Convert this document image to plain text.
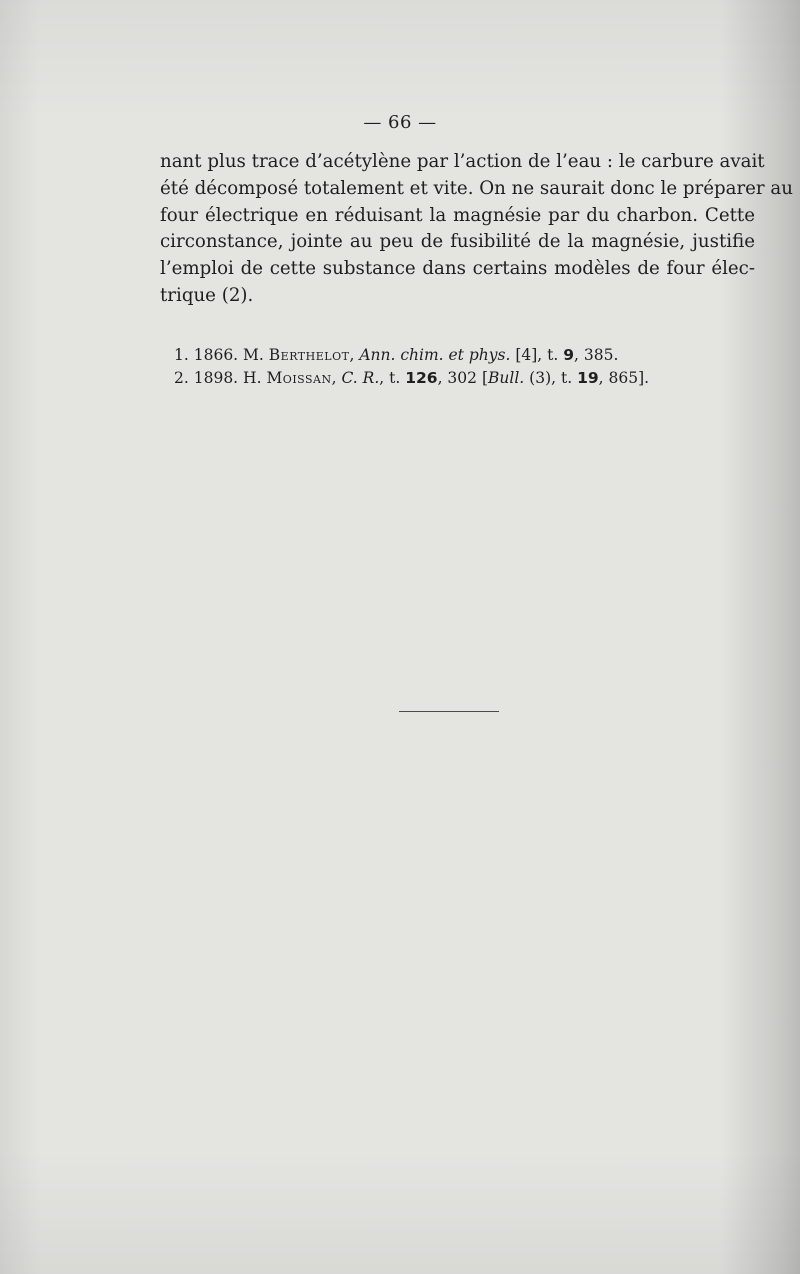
— 66 —
nant plus trace d’acétylène par l’action de l’eau : le carbure avait
été décomposé totalement et vite. On ne saurait donc le préparer au
four électrique en réduisant la magnésie par du charbon. Cette
circonstance, jointe au peu de fusibilité de la magnésie, justifie
l’emploi de cette substance dans certains modèles de four élec-
trique (2).
1. 1866. M. Berthelot, Ann. chim. et phys. [4], t. 9, 385.
2. 1898. H. Moissan, C. R., t. 126, 302 [Bull. (3), t. 19, 865].
